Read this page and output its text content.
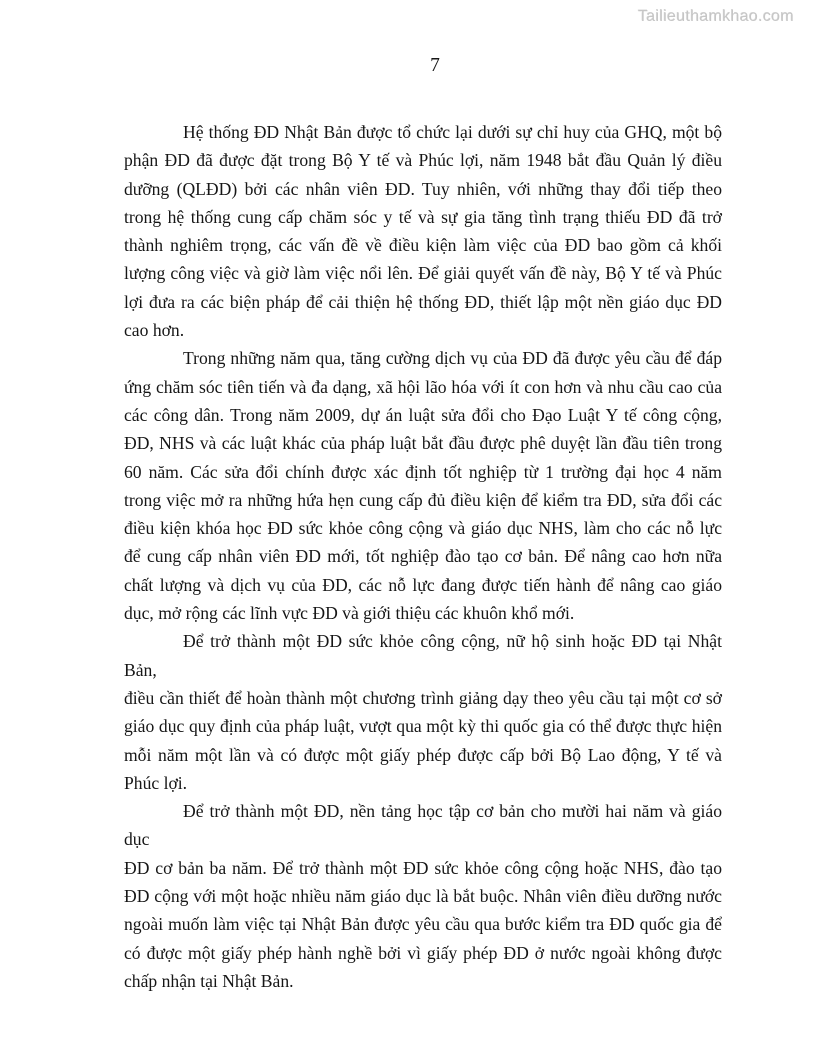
Tailieuthamkhao.com
7
Hệ thống ĐD Nhật Bản được tổ chức lại dưới sự chỉ huy của GHQ, một bộ
phận ĐD đã được đặt trong Bộ Y tế và Phúc lợi, năm 1948 bắt đầu Quản lý điều
dưỡng (QLĐD) bởi các nhân viên ĐD. Tuy nhiên, với những thay đổi tiếp theo
trong hệ thống cung cấp chăm sóc y tế và sự gia tăng tình trạng thiếu ĐD đã trở
thành nghiêm trọng, các vấn đề về điều kiện làm việc của ĐD bao gồm cả khối
lượng công việc và giờ làm việc nổi lên. Để giải quyết vấn đề này, Bộ Y tế và Phúc
lợi đưa ra các biện pháp để cải thiện hệ thống ĐD, thiết lập một nền giáo dục ĐD
cao hơn.
Trong những năm qua, tăng cường dịch vụ của ĐD đã được yêu cầu để đáp
ứng chăm sóc tiên tiến và đa dạng, xã hội lão hóa với ít con hơn và nhu cầu cao của
các công dân. Trong năm 2009, dự án luật sửa đổi cho Đạo Luật Y tế công cộng,
ĐD, NHS và các luật khác của pháp luật bắt đầu được phê duyệt lần đầu tiên trong
60 năm. Các sửa đổi chính được xác định tốt nghiệp từ 1 trường đại học 4 năm
trong việc mở ra những hứa hẹn cung cấp đủ điều kiện để kiểm tra ĐD, sửa đổi các
điều kiện khóa học ĐD sức khỏe công cộng và giáo dục NHS, làm cho các nỗ lực
để cung cấp nhân viên ĐD mới, tốt nghiệp đào tạo cơ bản. Để nâng cao hơn nữa
chất lượng và dịch vụ của ĐD, các nỗ lực đang được tiến hành để nâng cao giáo
dục, mở rộng các lĩnh vực ĐD và giới thiệu các khuôn khổ mới.
Để trở thành một ĐD sức khỏe công cộng, nữ hộ sinh hoặc ĐD tại Nhật Bản,
điều cần thiết để hoàn thành một chương trình giảng dạy theo yêu cầu tại một cơ sở
giáo dục quy định của pháp luật, vượt qua một kỳ thi quốc gia có thể được thực hiện
mỗi năm một lần và có được một giấy phép được cấp bởi Bộ Lao động, Y tế và
Phúc lợi.
Để trở thành một ĐD, nền tảng học tập cơ bản cho mười hai năm và giáo dục
ĐD cơ bản ba năm. Để trở thành một ĐD sức khỏe công cộng hoặc NHS, đào tạo
ĐD cộng với một hoặc nhiều năm giáo dục là bắt buộc. Nhân viên điều dưỡng nước
ngoài muốn làm việc tại Nhật Bản được yêu cầu qua bước kiểm tra ĐD quốc gia để
có được một giấy phép hành nghề bởi vì giấy phép ĐD ở nước ngoài không được
chấp nhận tại Nhật Bản.
